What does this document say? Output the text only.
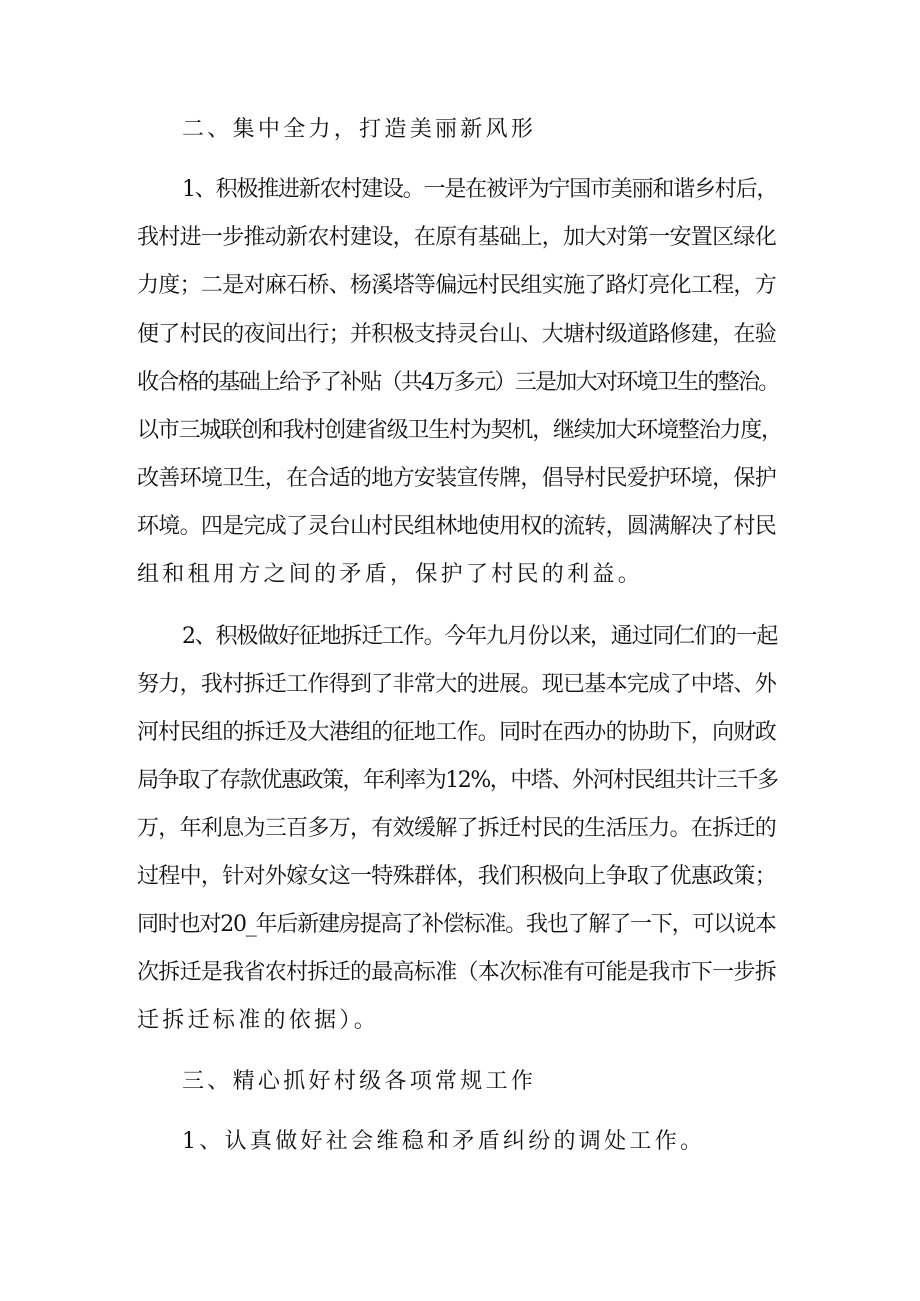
二、集中全力，打造美丽新风形
1、积极推进新农村建设。一是在被评为宁国市美丽和谐乡村后，
我村进一步推动新农村建设，在原有基础上，加大对第一安置区绿化
力度；二是对麻石桥、杨溪塔等偏远村民组实施了路灯亮化工程，方
便了村民的夜间出行；并积极支持灵台山、大塘村级道路修建，在验
收合格的基础上给予了补贴（共4万多元）三是加大对环境卫生的整治。
以市三城联创和我村创建省级卫生村为契机，继续加大环境整治力度，
改善环境卫生，在合适的地方安装宣传牌，倡导村民爱护环境，保护
环境。四是完成了灵台山村民组林地使用权的流转，圆满解决了村民
组和租用方之间的矛盾，保护了村民的利益。
2、积极做好征地拆迁工作。今年九月份以来，通过同仁们的一起
努力，我村拆迁工作得到了非常大的进展。现已基本完成了中塔、外
河村民组的拆迁及大港组的征地工作。同时在西办的协助下，向财政
局争取了存款优惠政策，年利率为12%，中塔、外河村民组共计三千多
万，年利息为三百多万，有效缓解了拆迁村民的生活压力。在拆迁的
过程中，针对外嫁女这一特殊群体，我们积极向上争取了优惠政策；
同时也对20_年后新建房提高了补偿标准。我也了解了一下，可以说本
次拆迁是我省农村拆迁的最高标准（本次标准有可能是我市下一步拆
迁拆迁标准的依据）。
三、精心抓好村级各项常规工作
1、认真做好社会维稳和矛盾纠纷的调处工作。
